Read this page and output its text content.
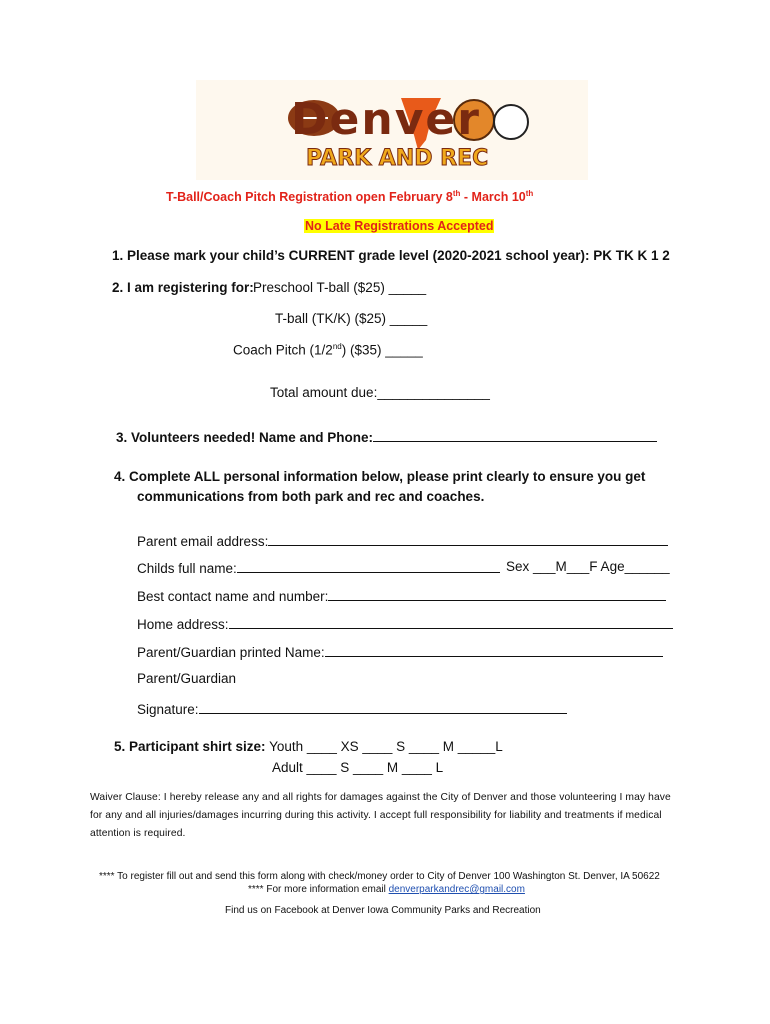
Denver
PARK AND REC
T-Ball/Coach Pitch Registration open February 8th - March 10th
No Late Registrations Accepted
1. Please mark your child’s CURRENT grade level (2020-2021 school year): PK TK K 1 2
2. I am registering for: Preschool T-ball ($25) _____
T-ball (TK/K) ($25) _____
Coach Pitch (1/2nd) ($35) _____
Total amount due:_______________
3. Volunteers needed! Name and Phone:
4. Complete ALL personal information below, please print clearly to ensure you get
communications from both park and rec and coaches.
Parent email address:
Childs full name:	Sex ___M___F Age______
Best contact name and number:
Home address:
Parent/Guardian printed Name:
Parent/Guardian
Signature:
5. Participant shirt size: Youth ____ XS ____ S ____ M _____L
Adult ____ S ____ M ____ L
Waiver Clause: I hereby release any and all rights for damages against the City of Denver and those volunteering I may have for any and all injuries/damages incurring during this activity. I accept full responsibility for liability and treatments if medical attention is required.
**** To register fill out and send this form along with check/money order to City of Denver 100 Washington St. Denver, IA 50622
**** For more information email denverparkandrec@gmail.com
Find us on Facebook at Denver Iowa Community Parks and Recreation
